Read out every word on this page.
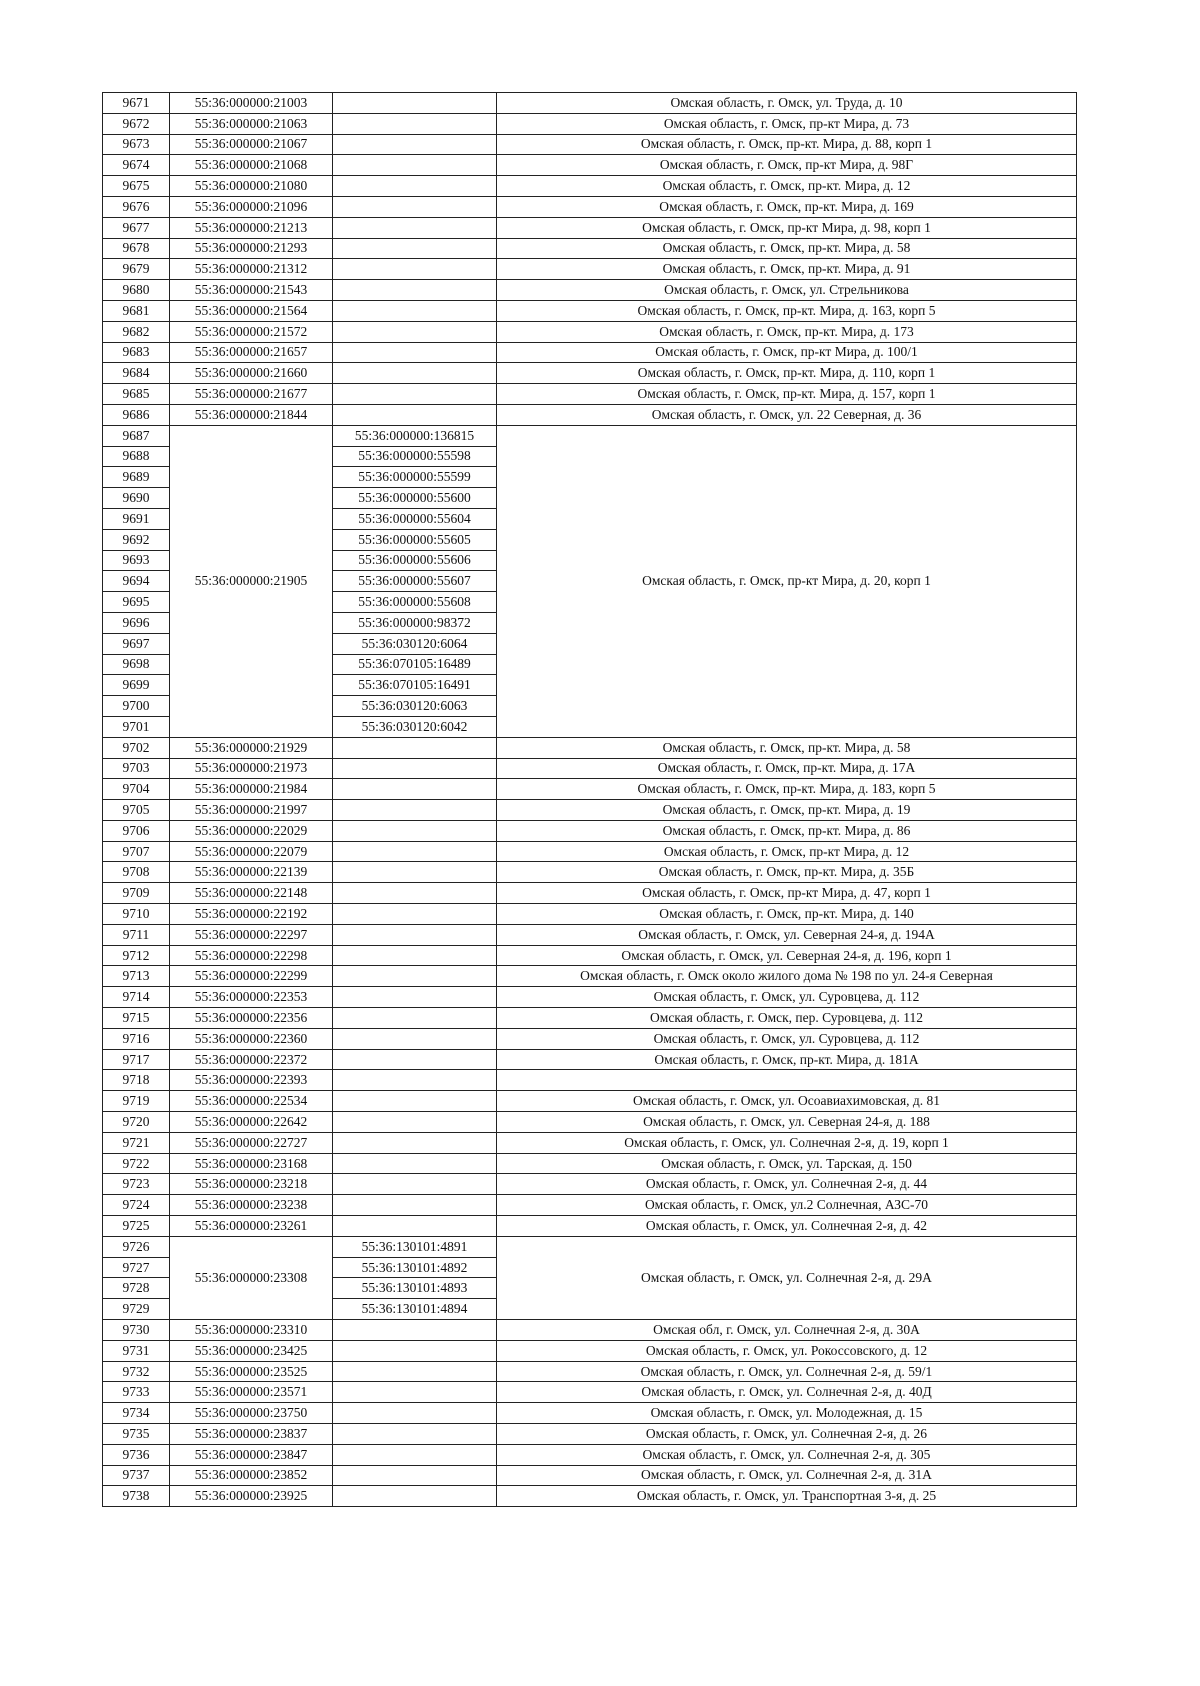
9671	55:36:000000:21003		Омская область, г. Омск, ул. Труда, д. 10
9672	55:36:000000:21063		Омская область, г. Омск, пр-кт Мира, д. 73
9673	55:36:000000:21067		Омская область, г. Омск, пр-кт. Мира, д. 88, корп 1
9674	55:36:000000:21068		Омская область, г. Омск, пр-кт Мира, д. 98Г
9675	55:36:000000:21080		Омская область, г. Омск, пр-кт. Мира, д. 12
9676	55:36:000000:21096		Омская область, г. Омск, пр-кт. Мира, д. 169
9677	55:36:000000:21213		Омская область, г. Омск, пр-кт Мира, д. 98, корп 1
9678	55:36:000000:21293		Омская область, г. Омск, пр-кт. Мира, д. 58
9679	55:36:000000:21312		Омская область, г. Омск, пр-кт. Мира, д. 91
9680	55:36:000000:21543		Омская область, г. Омск, ул. Стрельникова
9681	55:36:000000:21564		Омская область, г. Омск, пр-кт. Мира, д. 163, корп 5
9682	55:36:000000:21572		Омская область, г. Омск, пр-кт. Мира, д. 173
9683	55:36:000000:21657		Омская область, г. Омск, пр-кт Мира, д. 100/1
9684	55:36:000000:21660		Омская область, г. Омск, пр-кт. Мира, д. 110, корп 1
9685	55:36:000000:21677		Омская область, г. Омск, пр-кт. Мира, д. 157, корп 1
9686	55:36:000000:21844		Омская область, г. Омск, ул. 22 Северная, д. 36
9687	55:36:000000:21905	55:36:000000:136815	Омская область, г. Омск, пр-кт Мира, д. 20, корп 1
9688		55:36:000000:55598	
9689		55:36:000000:55599	
9690		55:36:000000:55600	
9691		55:36:000000:55604	
9692		55:36:000000:55605	
9693		55:36:000000:55606	
9694		55:36:000000:55607	
9695		55:36:000000:55608	
9696		55:36:000000:98372	
9697		55:36:030120:6064	
9698		55:36:070105:16489	
9699		55:36:070105:16491	
9700		55:36:030120:6063	
9701		55:36:030120:6042	
9702	55:36:000000:21929		Омская область, г. Омск, пр-кт. Мира, д. 58
9703	55:36:000000:21973		Омская область, г. Омск, пр-кт. Мира, д. 17А
9704	55:36:000000:21984		Омская область, г. Омск, пр-кт. Мира, д. 183, корп 5
9705	55:36:000000:21997		Омская область, г. Омск, пр-кт. Мира, д. 19
9706	55:36:000000:22029		Омская область, г. Омск, пр-кт. Мира, д. 86
9707	55:36:000000:22079		Омская область, г. Омск, пр-кт Мира, д. 12
9708	55:36:000000:22139		Омская область, г. Омск, пр-кт. Мира, д. 35Б
9709	55:36:000000:22148		Омская область, г. Омск, пр-кт Мира, д. 47, корп 1
9710	55:36:000000:22192		Омская область, г. Омск, пр-кт. Мира, д. 140
9711	55:36:000000:22297		Омская область, г. Омск, ул. Северная 24-я, д. 194А
9712	55:36:000000:22298		Омская область, г. Омск, ул. Северная 24-я, д. 196, корп 1
9713	55:36:000000:22299		Омская область, г. Омск около жилого дома № 198 по ул. 24-я Северная
9714	55:36:000000:22353		Омская область, г. Омск, ул. Суровцева, д. 112
9715	55:36:000000:22356		Омская область, г. Омск, пер. Суровцева, д. 112
9716	55:36:000000:22360		Омская область, г. Омск, ул. Суровцева, д. 112
9717	55:36:000000:22372		Омская область, г. Омск, пр-кт. Мира, д. 181А
9718	55:36:000000:22393		
9719	55:36:000000:22534		Омская область, г. Омск, ул. Осоавиахимовская, д. 81
9720	55:36:000000:22642		Омская область, г. Омск, ул. Северная 24-я, д. 188
9721	55:36:000000:22727		Омская область, г. Омск, ул. Солнечная 2-я, д. 19, корп 1
9722	55:36:000000:23168		Омская область, г. Омск, ул. Тарская, д. 150
9723	55:36:000000:23218		Омская область, г. Омск, ул. Солнечная 2-я, д. 44
9724	55:36:000000:23238		Омская область, г. Омск, ул.2 Солнечная, АЗС-70
9725	55:36:000000:23261		Омская область, г. Омск, ул. Солнечная 2-я, д. 42
9726	55:36:000000:23308	55:36:130101:4891	Омская область, г. Омск, ул. Солнечная 2-я, д. 29А
9727		55:36:130101:4892	
9728		55:36:130101:4893	
9729		55:36:130101:4894	
9730	55:36:000000:23310		Омская обл, г. Омск, ул. Солнечная 2-я, д. 30А
9731	55:36:000000:23425		Омская область, г. Омск, ул. Рокоссовского, д. 12
9732	55:36:000000:23525		Омская область, г. Омск, ул. Солнечная 2-я, д. 59/1
9733	55:36:000000:23571		Омская область, г. Омск, ул. Солнечная 2-я, д. 40Д
9734	55:36:000000:23750		Омская область, г. Омск, ул. Молодежная, д. 15
9735	55:36:000000:23837		Омская область, г. Омск, ул. Солнечная 2-я, д. 26
9736	55:36:000000:23847		Омская область, г. Омск, ул. Солнечная 2-я, д. 305
9737	55:36:000000:23852		Омская область, г. Омск, ул. Солнечная 2-я, д. 31А
9738	55:36:000000:23925		Омская область, г. Омск, ул. Транспортная 3-я, д. 25
